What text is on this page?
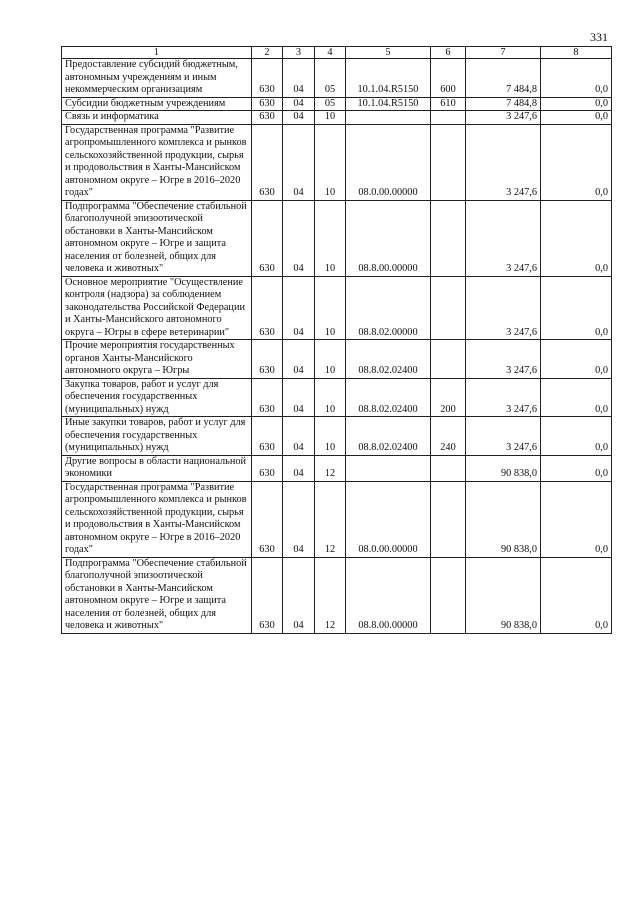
331
1	2	3	4	5	6	7	8
Предоставление субсидий бюджетным, автономным учреждениям и иным некоммерческим организациям	630	04	05	10.1.04.R5150	600	7 484,8	0,0
Субсидии бюджетным учреждениям	630	04	05	10.1.04.R5150	610	7 484,8	0,0
Связь и информатика	630	04	10			3 247,6	0,0
Государственная программа "Развитие агропромышленного комплекса и рынков сельскохозяйственной продукции, сырья и продовольствия в Ханты-Мансийском автономном округе – Югре в 2016–2020 годах"	630	04	10	08.0.00.00000		3 247,6	0,0
Подпрограмма "Обеспечение стабильной благополучной эпизоотической обстановки в Ханты-Мансийском автономном округе – Югре и защита населения от болезней, общих для человека и животных"	630	04	10	08.8.00.00000		3 247,6	0,0
Основное мероприятие "Осуществление контроля (надзора) за соблюдением законодательства Российской Федерации и Ханты-Мансийского автономного округа – Югры в сфере ветеринарии"	630	04	10	08.8.02.00000		3 247,6	0,0
Прочие мероприятия государственных органов Ханты-Мансийского автономного округа – Югры	630	04	10	08.8.02.02400		3 247,6	0,0
Закупка товаров, работ и услуг для обеспечения государственных (муниципальных) нужд	630	04	10	08.8.02.02400	200	3 247,6	0,0
Иные закупки товаров, работ и услуг для обеспечения государственных (муниципальных) нужд	630	04	10	08.8.02.02400	240	3 247,6	0,0
Другие вопросы в области национальной экономики	630	04	12			90 838,0	0,0
Государственная программа "Развитие агропромышленного комплекса и рынков сельскохозяйственной продукции, сырья и продовольствия в Ханты-Мансийском автономном округе – Югре в 2016–2020 годах"	630	04	12	08.0.00.00000		90 838,0	0,0
Подпрограмма "Обеспечение стабильной благополучной эпизоотической обстановки в Ханты-Мансийском автономном округе – Югре и защита населения от болезней, общих для человека и животных"	630	04	12	08.8.00.00000		90 838,0	0,0
